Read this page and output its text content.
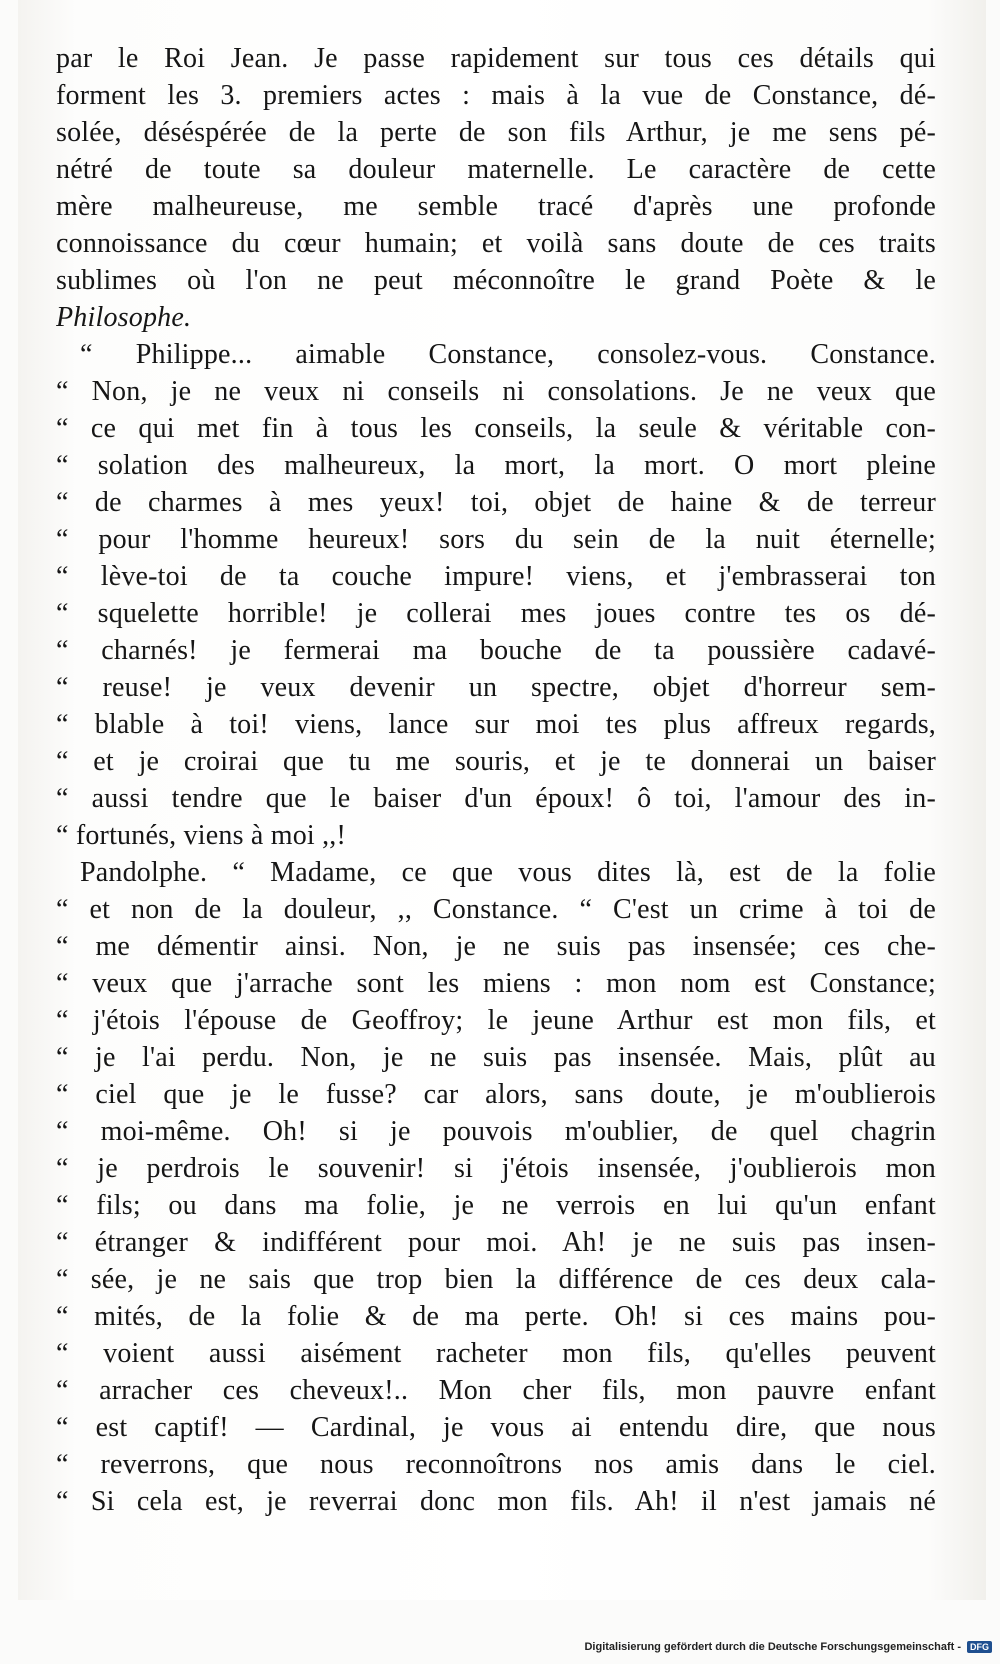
par le Roi Jean. Je passe rapidement sur tous ces détails qui
forment les 3. premiers actes : mais à la vue de Constance, dé-
solée, déséspérée de la perte de son fils Arthur, je me sens pé-
nétré de toute sa douleur maternelle. Le caractère de cette
mère malheureuse, me semble tracé d'après une profonde
connoissance du cœur humain; et voilà sans doute de ces traits
sublimes où l'on ne peut méconnoître le grand Poète & le
Philosophe.
“ Philippe... aimable Constance, consolez-vous. Constance.
“ Non, je ne veux ni conseils ni consolations. Je ne veux que
“ ce qui met fin à tous les conseils, la seule & véritable con-
“ solation des malheureux, la mort, la mort. O mort pleine
“ de charmes à mes yeux! toi, objet de haine & de terreur
“ pour l'homme heureux! sors du sein de la nuit éternelle;
“ lève-toi de ta couche impure! viens, et j'embrasserai ton
“ squelette horrible! je collerai mes joues contre tes os dé-
“ charnés! je fermerai ma bouche de ta poussière cadavé-
“ reuse! je veux devenir un spectre, objet d'horreur sem-
“ blable à toi! viens, lance sur moi tes plus affreux regards,
“ et je croirai que tu me souris, et je te donnerai un baiser
“ aussi tendre que le baiser d'un époux! ô toi, l'amour des in-
“ fortunés, viens à moi ,,!
Pandolphe. “ Madame, ce que vous dites là, est de la folie
“ et non de la douleur, ,, Constance. “ C'est un crime à toi de
“ me démentir ainsi. Non, je ne suis pas insensée; ces che-
“ veux que j'arrache sont les miens : mon nom est Constance;
“ j'étois l'épouse de Geoffroy; le jeune Arthur est mon fils, et
“ je l'ai perdu. Non, je ne suis pas insensée. Mais, plût au
“ ciel que je le fusse? car alors, sans doute, je m'oublierois
“ moi-même. Oh! si je pouvois m'oublier, de quel chagrin
“ je perdrois le souvenir! si j'étois insensée, j'oublierois mon
“ fils; ou dans ma folie, je ne verrois en lui qu'un enfant
“ étranger & indifférent pour moi. Ah! je ne suis pas insen-
“ sée, je ne sais que trop bien la différence de ces deux cala-
“ mités, de la folie & de ma perte. Oh! si ces mains pou-
“ voient aussi aisément racheter mon fils, qu'elles peuvent
“ arracher ces cheveux!.. Mon cher fils, mon pauvre enfant
“ est captif! — Cardinal, je vous ai entendu dire, que nous
“ reverrons, que nous reconnoîtrons nos amis dans le ciel.
“ Si cela est, je reverrai donc mon fils. Ah! il n'est jamais né
Digitalisierung gefördert durch die Deutsche Forschungsgemeinschaft -	DFG
